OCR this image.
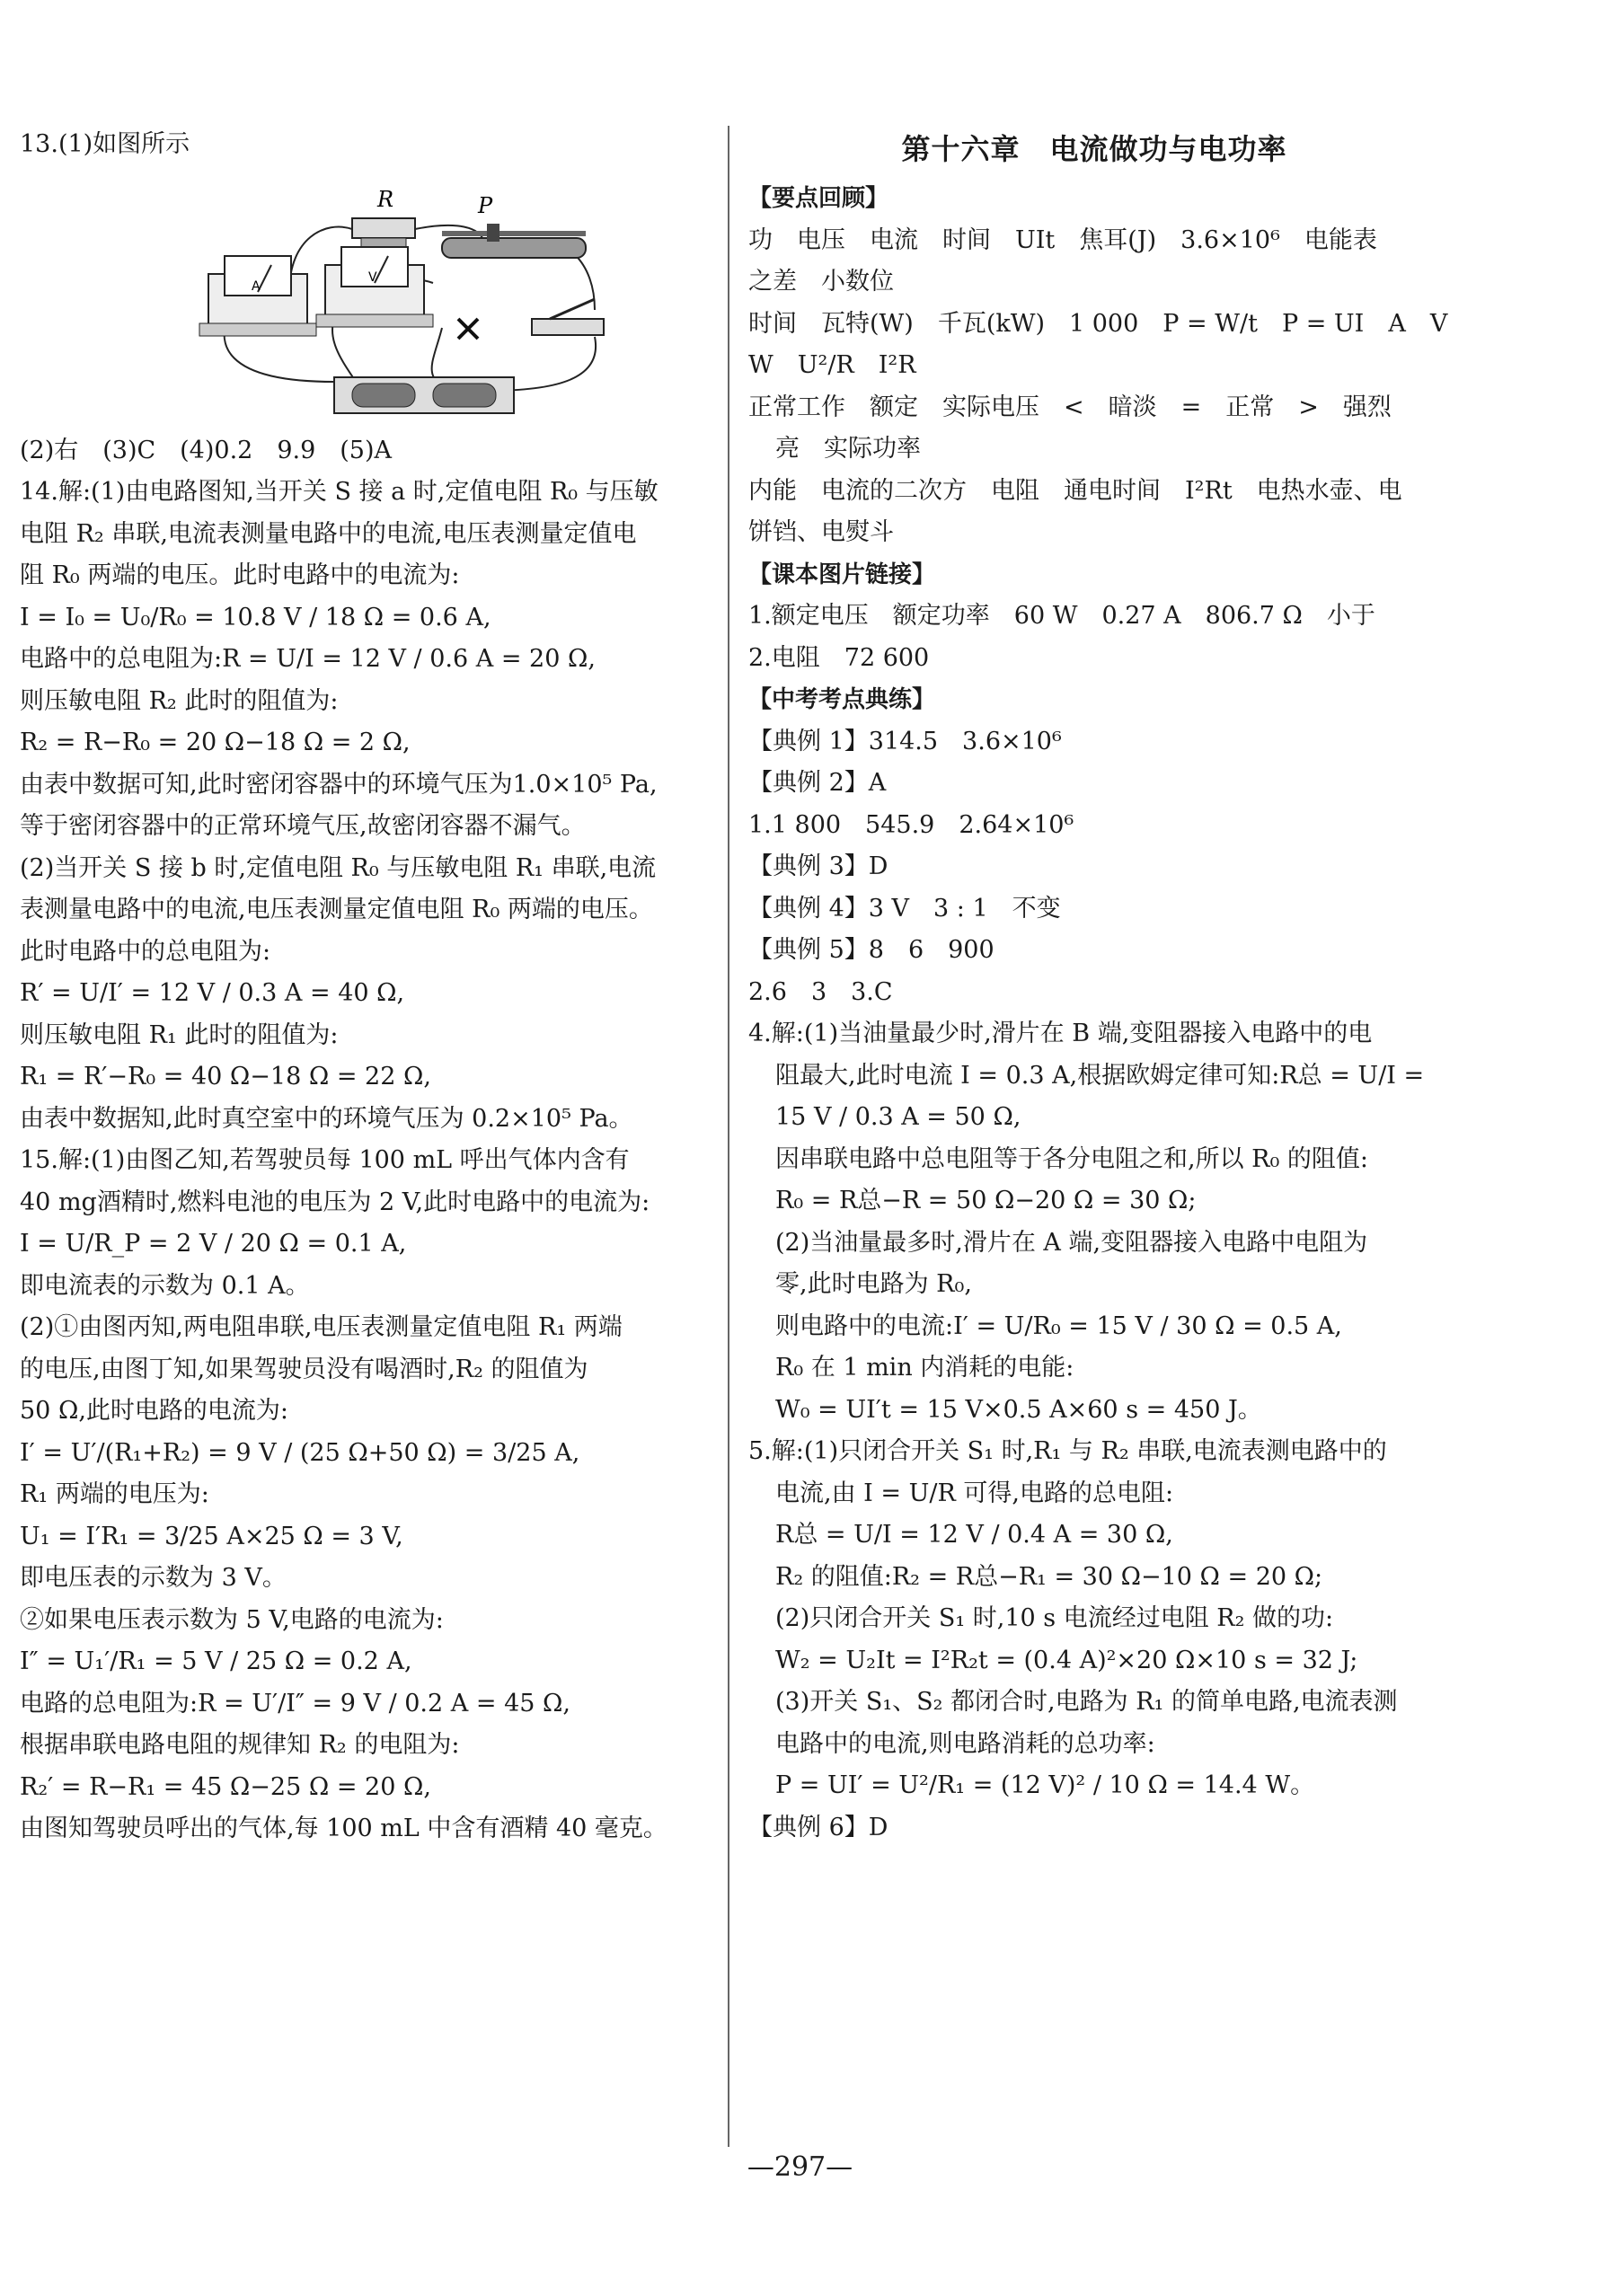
13.(1)如图所示
R	P
A
V
(2)右　(3)C　(4)0.2　9.9　(5)A
14.解:(1)由电路图知,当开关 S 接 a 时,定值电阻 R₀ 与压敏
电阻 R₂ 串联,电流表测量电路中的电流,电压表测量定值电
阻 R₀ 两端的电压。此时电路中的电流为:
I = I₀ = U₀/R₀ = 10.8 V / 18 Ω = 0.6 A,
电路中的总电阻为:R = U/I = 12 V / 0.6 A = 20 Ω,
则压敏电阻 R₂ 此时的阻值为:
R₂ = R−R₀ = 20 Ω−18 Ω = 2 Ω,
由表中数据可知,此时密闭容器中的环境气压为1.0×10⁵ Pa,
等于密闭容器中的正常环境气压,故密闭容器不漏气。
(2)当开关 S 接 b 时,定值电阻 R₀ 与压敏电阻 R₁ 串联,电流
表测量电路中的电流,电压表测量定值电阻 R₀ 两端的电压。
此时电路中的总电阻为:
R′ = U/I′ = 12 V / 0.3 A = 40 Ω,
则压敏电阻 R₁ 此时的阻值为:
R₁ = R′−R₀ = 40 Ω−18 Ω = 22 Ω,
由表中数据知,此时真空室中的环境气压为 0.2×10⁵ Pa。
15.解:(1)由图乙知,若驾驶员每 100 mL 呼出气体内含有
40 mg酒精时,燃料电池的电压为 2 V,此时电路中的电流为:
I = U/R_P = 2 V / 20 Ω = 0.1 A,
即电流表的示数为 0.1 A。
(2)①由图丙知,两电阻串联,电压表测量定值电阻 R₁ 两端
的电压,由图丁知,如果驾驶员没有喝酒时,R₂ 的阻值为
50 Ω,此时电路的电流为:
I′ = U′/(R₁+R₂) = 9 V / (25 Ω+50 Ω) = 3/25 A,
R₁ 两端的电压为:
U₁ = I′R₁ = 3/25 A×25 Ω = 3 V,
即电压表的示数为 3 V。
②如果电压表示数为 5 V,电路的电流为:
I″ = U₁′/R₁ = 5 V / 25 Ω = 0.2 A,
电路的总电阻为:R = U′/I″ = 9 V / 0.2 A = 45 Ω,
根据串联电路电阻的规律知 R₂ 的电阻为:
R₂′ = R−R₁ = 45 Ω−25 Ω = 20 Ω,
由图知驾驶员呼出的气体,每 100 mL 中含有酒精 40 毫克。
第十六章　电流做功与电功率
【要点回顾】
功　电压　电流　时间　UIt　焦耳(J)　3.6×10⁶　电能表
之差　小数位
时间　瓦特(W)　千瓦(kW)　1 000　P = W/t　P = UI　A　V
W　U²/R　I²R
正常工作　额定　实际电压　<　暗淡　=　正常　>　强烈
亮　实际功率
内能　电流的二次方　电阻　通电时间　I²Rt　电热水壶、电
饼铛、电熨斗
【课本图片链接】
1.额定电压　额定功率　60 W　0.27 A　806.7 Ω　小于
2.电阻　72 600
【中考考点典练】
【典例 1】314.5　3.6×10⁶
【典例 2】A
1.1 800　545.9　2.64×10⁶
【典例 3】D
【典例 4】3 V　3 : 1　不变
【典例 5】8　6　900
2.6　3　3.C
4.解:(1)当油量最少时,滑片在 B 端,变阻器接入电路中的电
阻最大,此时电流 I = 0.3 A,根据欧姆定律可知:R总 = U/I =
15 V / 0.3 A = 50 Ω,
因串联电路中总电阻等于各分电阻之和,所以 R₀ 的阻值:
R₀ = R总−R = 50 Ω−20 Ω = 30 Ω;
(2)当油量最多时,滑片在 A 端,变阻器接入电路中电阻为
零,此时电路为 R₀,
则电路中的电流:I′ = U/R₀ = 15 V / 30 Ω = 0.5 A,
R₀ 在 1 min 内消耗的电能:
W₀ = UI′t = 15 V×0.5 A×60 s = 450 J。
5.解:(1)只闭合开关 S₁ 时,R₁ 与 R₂ 串联,电流表测电路中的
电流,由 I = U/R 可得,电路的总电阻:
R总 = U/I = 12 V / 0.4 A = 30 Ω,
R₂ 的阻值:R₂ = R总−R₁ = 30 Ω−10 Ω = 20 Ω;
(2)只闭合开关 S₁ 时,10 s 电流经过电阻 R₂ 做的功:
W₂ = U₂It = I²R₂t = (0.4 A)²×20 Ω×10 s = 32 J;
(3)开关 S₁、S₂ 都闭合时,电路为 R₁ 的简单电路,电流表测
电路中的电流,则电路消耗的总功率:
P = UI′ = U²/R₁ = (12 V)² / 10 Ω = 14.4 W。
【典例 6】D
—297—
